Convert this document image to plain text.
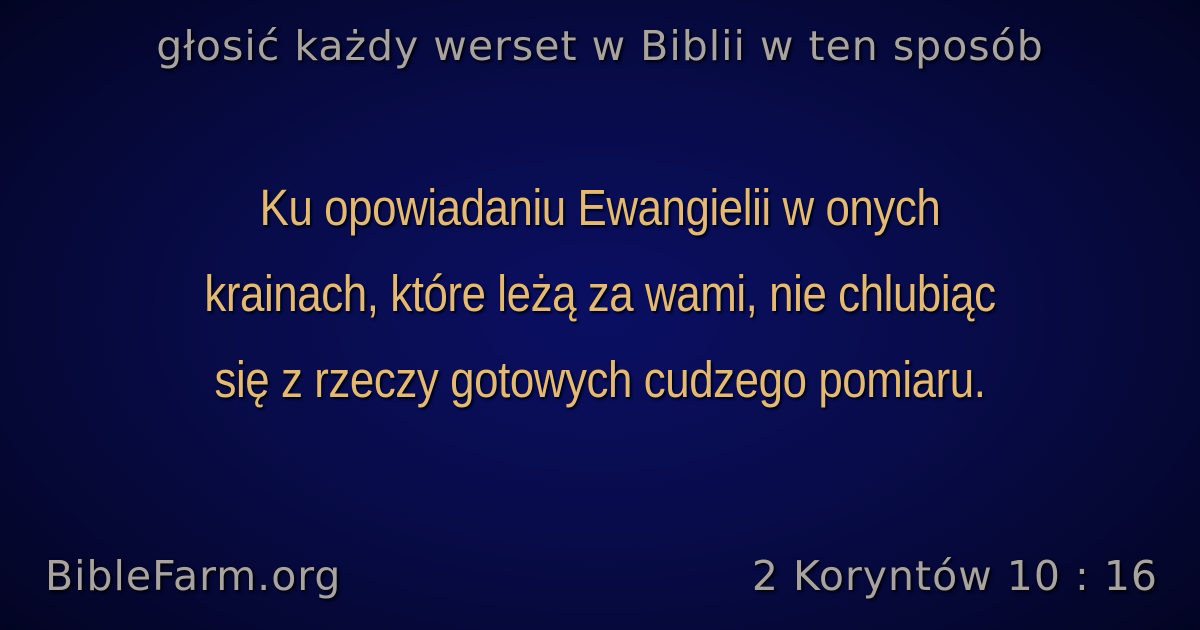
głosić każdy werset w Biblii w ten sposób
Ku opowiadaniu Ewangielii w onych
krainach, które leżą za wami, nie chlubiąc
się z rzeczy gotowych cudzego pomiaru.
BibleFarm.org	2 Koryntów 10 : 16
